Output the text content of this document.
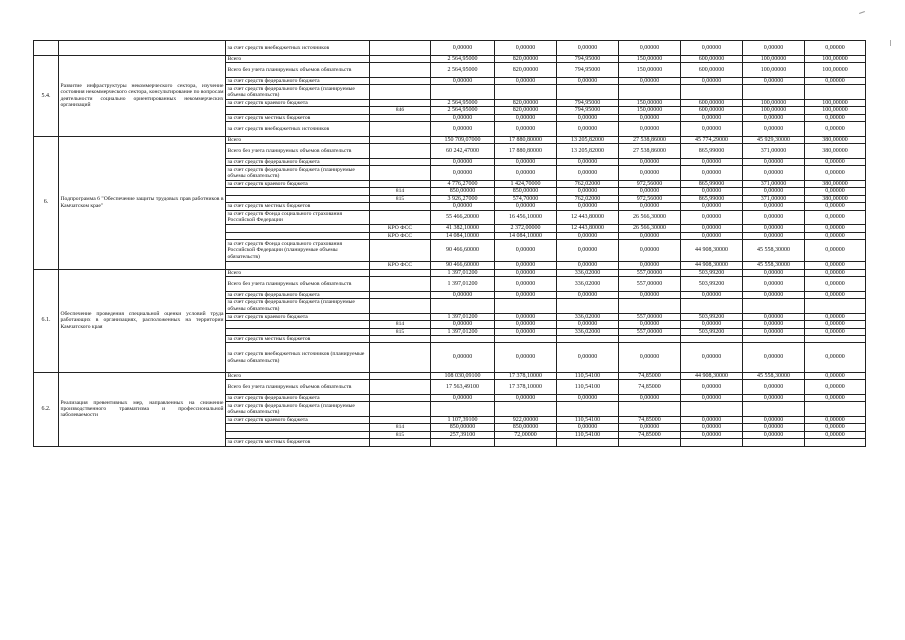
		за счет средств внебюджетных источников		0,00000	0,00000	0,00000	0,00000	0,00000	0,00000	0,00000
5.4.	Развитие инфраструктуры некоммерческого сектора, изучение состояния некоммерческого сектора, консультирование по вопросам деятельности социально ориентированных некоммерческих организаций	Всего		2 564,95000	820,00000	794,95000	150,00000	600,00000	100,00000	100,00000
		Всего без учета планируемых объемов обязательств		2 564,95000	820,00000	794,95000	150,00000	600,00000	100,00000	100,00000
		за счет средств федерального бюджета		0,00000	0,00000	0,00000	0,00000	0,00000	0,00000	0,00000
		за счет средств федерального бюджета (планируемые объемы обязательств)								
		за счет средств краевого бюджета		2 564,95000	820,00000	794,95000	150,00000	600,00000	100,00000	100,00000
			846	2 564,95000	820,00000	794,95000	150,00000	600,00000	100,00000	100,00000
		за счет средств местных бюджетов		0,00000	0,00000	0,00000	0,00000	0,00000	0,00000	0,00000
		за счет средств внебюджетных источников		0,00000	0,00000	0,00000	0,00000	0,00000	0,00000	0,00000
6.	Подпрограмма 6 "Обеспечение защиты трудовых прав работников в Камчатском крае"	Всего		150 709,07000	17 880,80000	13 205,82000	27 538,86000	45 774,29000	45 929,30000	380,00000
		Всего без учета планируемых объемов обязательств		60 242,47000	17 880,80000	13 205,82000	27 538,86000	865,99000	371,00000	380,00000
		за счет средств федерального бюджета		0,00000	0,00000	0,00000	0,00000	0,00000	0,00000	0,00000
		за счет средств федерального бюджета (планируемые объемы обязательств)		0,00000	0,00000	0,00000	0,00000	0,00000	0,00000	0,00000
		за счет средств краевого бюджета		4 776,27000	1 424,70000	762,02000	972,56000	865,99000	371,00000	380,00000
			814	850,00000	850,00000	0,00000	0,00000	0,00000	0,00000	0,00000
			815	3 926,27000	574,70000	762,02000	972,56000	865,99000	371,00000	380,00000
		за счет средств местных бюджетов		0,00000	0,00000	0,00000	0,00000	0,00000	0,00000	0,00000
		за счет средств Фонда социального страхования Российской Федерации		55 466,20000	16 456,10000	12 443,80000	26 566,30000	0,00000	0,00000	0,00000
			КРО ФСС	41 382,10000	2 372,00000	12 443,80000	26 566,30000	0,00000	0,00000	0,00000
			КРО ФСС	14 084,10000	14 084,10000	0,00000	0,00000	0,00000	0,00000	0,00000
		за счет средств Фонда социального страхования Российской Федерации (планируемые объемы обязательств)		90 466,60000	0,00000	0,00000	0,00000	44 908,30000	45 558,30000	0,00000
			КРО ФСС	90 466,60000	0,00000	0,00000	0,00000	44 908,30000	45 558,30000	0,00000
6.1.	Обеспечение проведения специальной оценки условий труда работающих в организациях, расположенных на территории Камчатского края	Всего		1 397,01200	0,00000	336,02000	557,00000	503,99200	0,00000	0,00000
		Всего без учета планируемых объемов обязательств		1 397,01200	0,00000	336,02000	557,00000	503,99200	0,00000	0,00000
		за счет средств федерального бюджета		0,00000	0,00000	0,00000	0,00000	0,00000	0,00000	0,00000
		за счет средств федерального бюджета (планируемые объемы обязательств)								
		за счет средств краевого бюджета		1 397,01200	0,00000	336,02000	557,00000	503,99200	0,00000	0,00000
			814	0,00000	0,00000	0,00000	0,00000	0,00000	0,00000	0,00000
			815	1 397,01200	0,00000	336,02000	557,00000	503,99200	0,00000	0,00000
		за счет средств местных бюджетов								
		за счет средств внебюджетных источников (планируемые объемы обязательств)		0,00000	0,00000	0,00000	0,00000	0,00000	0,00000	0,00000
6.2.	Реализация превентивных мер, направленных на снижение производственного травматизма и профессиональной заболеваемости	Всего		108 030,09100	17 378,10000	110,54100	74,85000	44 908,30000	45 558,30000	0,00000
		Всего без учета планируемых объемов обязательств		17 563,49100	17 378,10000	110,54100	74,85000	0,00000	0,00000	0,00000
		за счет средств федерального бюджета		0,00000	0,00000	0,00000	0,00000	0,00000	0,00000	0,00000
		за счет средств федерального бюджета (планируемые объемы обязательств)								
		за счет средств краевого бюджета		1 107,39100	922,00000	110,54100	74,85000	0,00000	0,00000	0,00000
			814	850,00000	850,00000	0,00000	0,00000	0,00000	0,00000	0,00000
			815	257,39100	72,00000	110,54100	74,85000	0,00000	0,00000	0,00000
		за счет средств местных бюджетов								
